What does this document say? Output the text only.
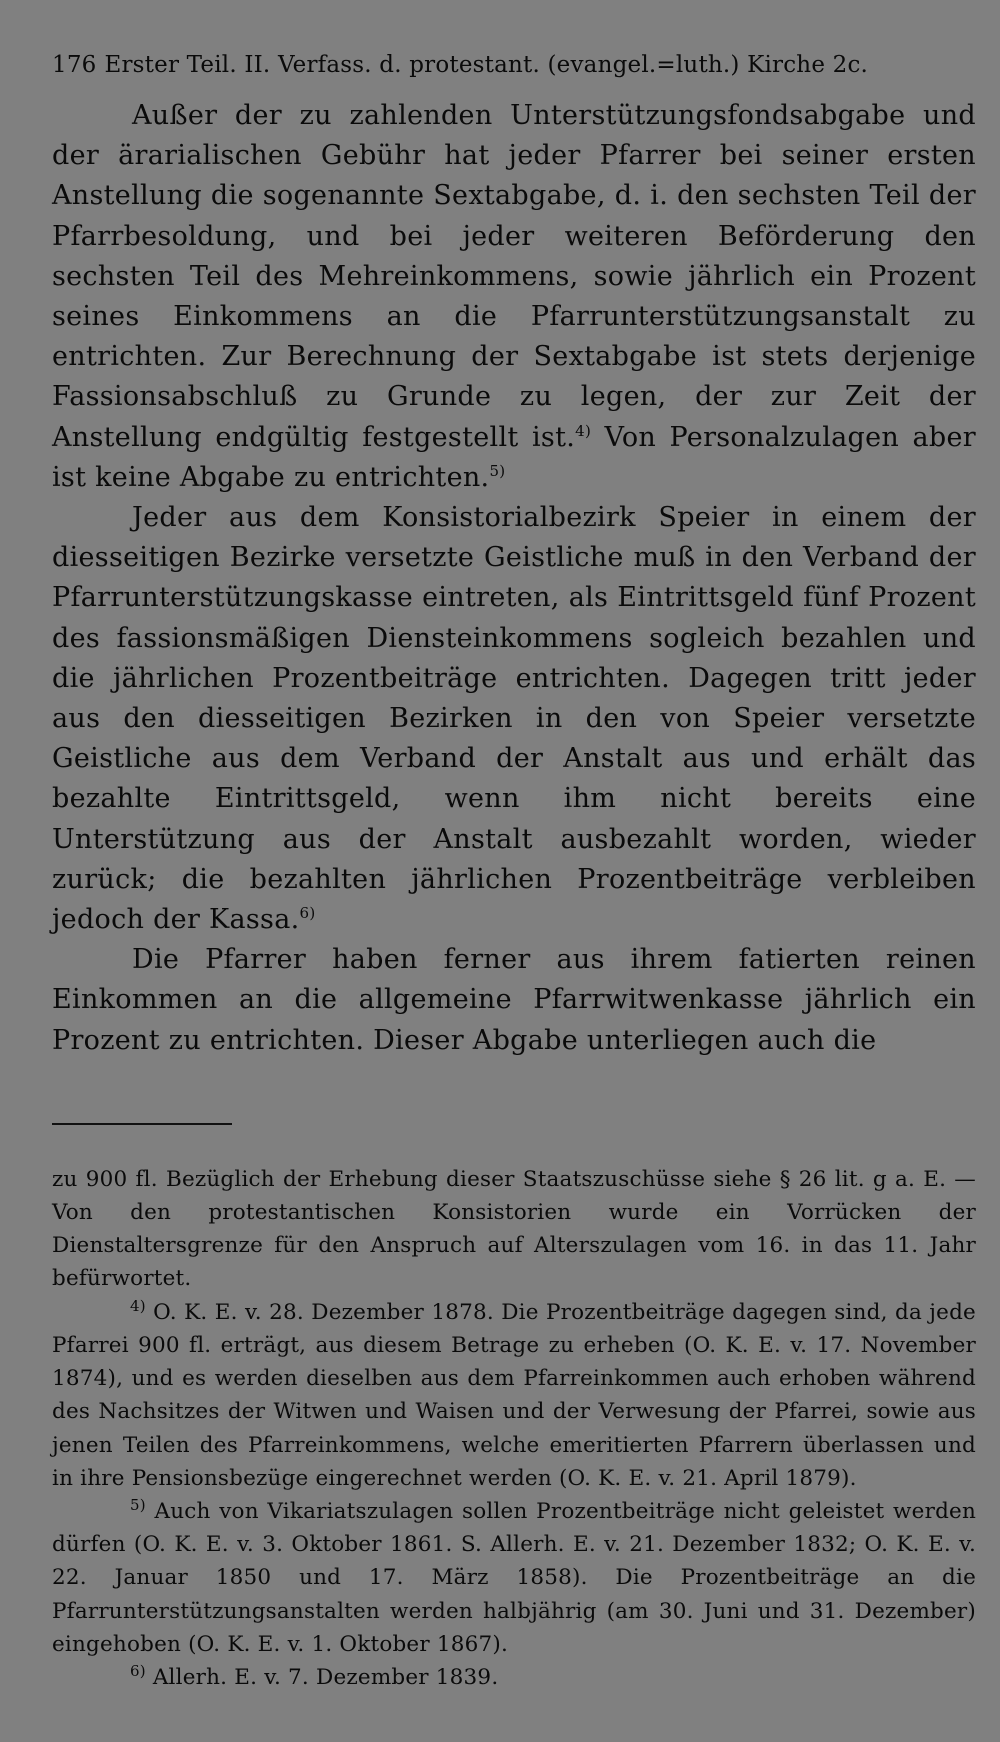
176 Erster Teil. II. Verfass. d. protestant. (evangel.=luth.) Kirche 2c.

Außer der zu zahlenden Unterstützungsfondsabgabe und der ärarialischen Gebühr hat jeder Pfarrer bei seiner ersten Anstellung die sogenannte Sextabgabe, d. i. den sechsten Teil der Pfarrbesoldung, und bei jeder weiteren Beförderung den sechsten Teil des Mehreinkommens, sowie jährlich ein Prozent seines Einkommens an die Pfarrunterstützungsanstalt zu entrichten. Zur Berechnung der Sextabgabe ist stets derjenige Fassionsabschluß zu Grunde zu legen, der zur Zeit der Anstellung endgültig festgestellt ist.$^{4)}$ Von Personalzulagen aber ist keine Abgabe zu entrichten.$^{5)}$

Jeder aus dem Konsistorialbezirk Speier in einem der diesseitigen Bezirke versetzte Geistliche muß in den Verband der Pfarrunterstützungskasse eintreten, als Eintrittsgeld fünf Prozent des fassionsmäßigen Diensteinkommens sogleich bezahlen und die jährlichen Prozentbeiträge entrichten. Dagegen tritt jeder aus den diesseitigen Bezirken in den von Speier versetzte Geistliche aus dem Verband der Anstalt aus und erhält das bezahlte Eintrittsgeld, wenn ihm nicht bereits eine Unterstützung aus der Anstalt ausbezahlt worden, wieder zurück; die bezahlten jährlichen Prozentbeiträge verbleiben jedoch der Kassa.$^{6)}$

Die Pfarrer haben ferner aus ihrem fatierten reinen Einkommen an die allgemeine Pfarrwitwenkasse jährlich ein Prozent zu entrichten. Dieser Abgabe unterliegen auch die

zu 900 fl. Bezüglich der Erhebung dieser Staatszuschüsse siehe § 26 lit. g a. E. — Von den protestantischen Konsistorien wurde ein Vorrücken der Dienstaltersgrenze für den Anspruch auf Alterszulagen vom 16. in das 11. Jahr befürwortet.

$^{4)}$ O. K. E. v. 28. Dezember 1878. Die Prozentbeiträge dagegen sind, da jede Pfarrei 900 fl. erträgt, aus diesem Betrage zu erheben (O. K. E. v. 17. November 1874), und es werden dieselben aus dem Pfarreinkommen auch erhoben während des Nachsitzes der Witwen und Waisen und der Verwesung der Pfarrei, sowie aus jenen Teilen des Pfarreinkommens, welche emeritierten Pfarrern überlassen und in ihre Pensionsbezüge eingerechnet werden (O. K. E. v. 21. April 1879).

$^{5)}$ Auch von Vikariatszulagen sollen Prozentbeiträge nicht geleistet werden dürfen (O. K. E. v. 3. Oktober 1861. S. Allerh. E. v. 21. Dezember 1832; O. K. E. v. 22. Januar 1850 und 17. März 1858). Die Prozentbeiträge an die Pfarrunterstützungsanstalten werden halbjährig (am 30. Juni und 31. Dezember) eingehoben (O. K. E. v. 1. Oktober 1867).

$^{6)}$ Allerh. E. v. 7. Dezember 1839.
